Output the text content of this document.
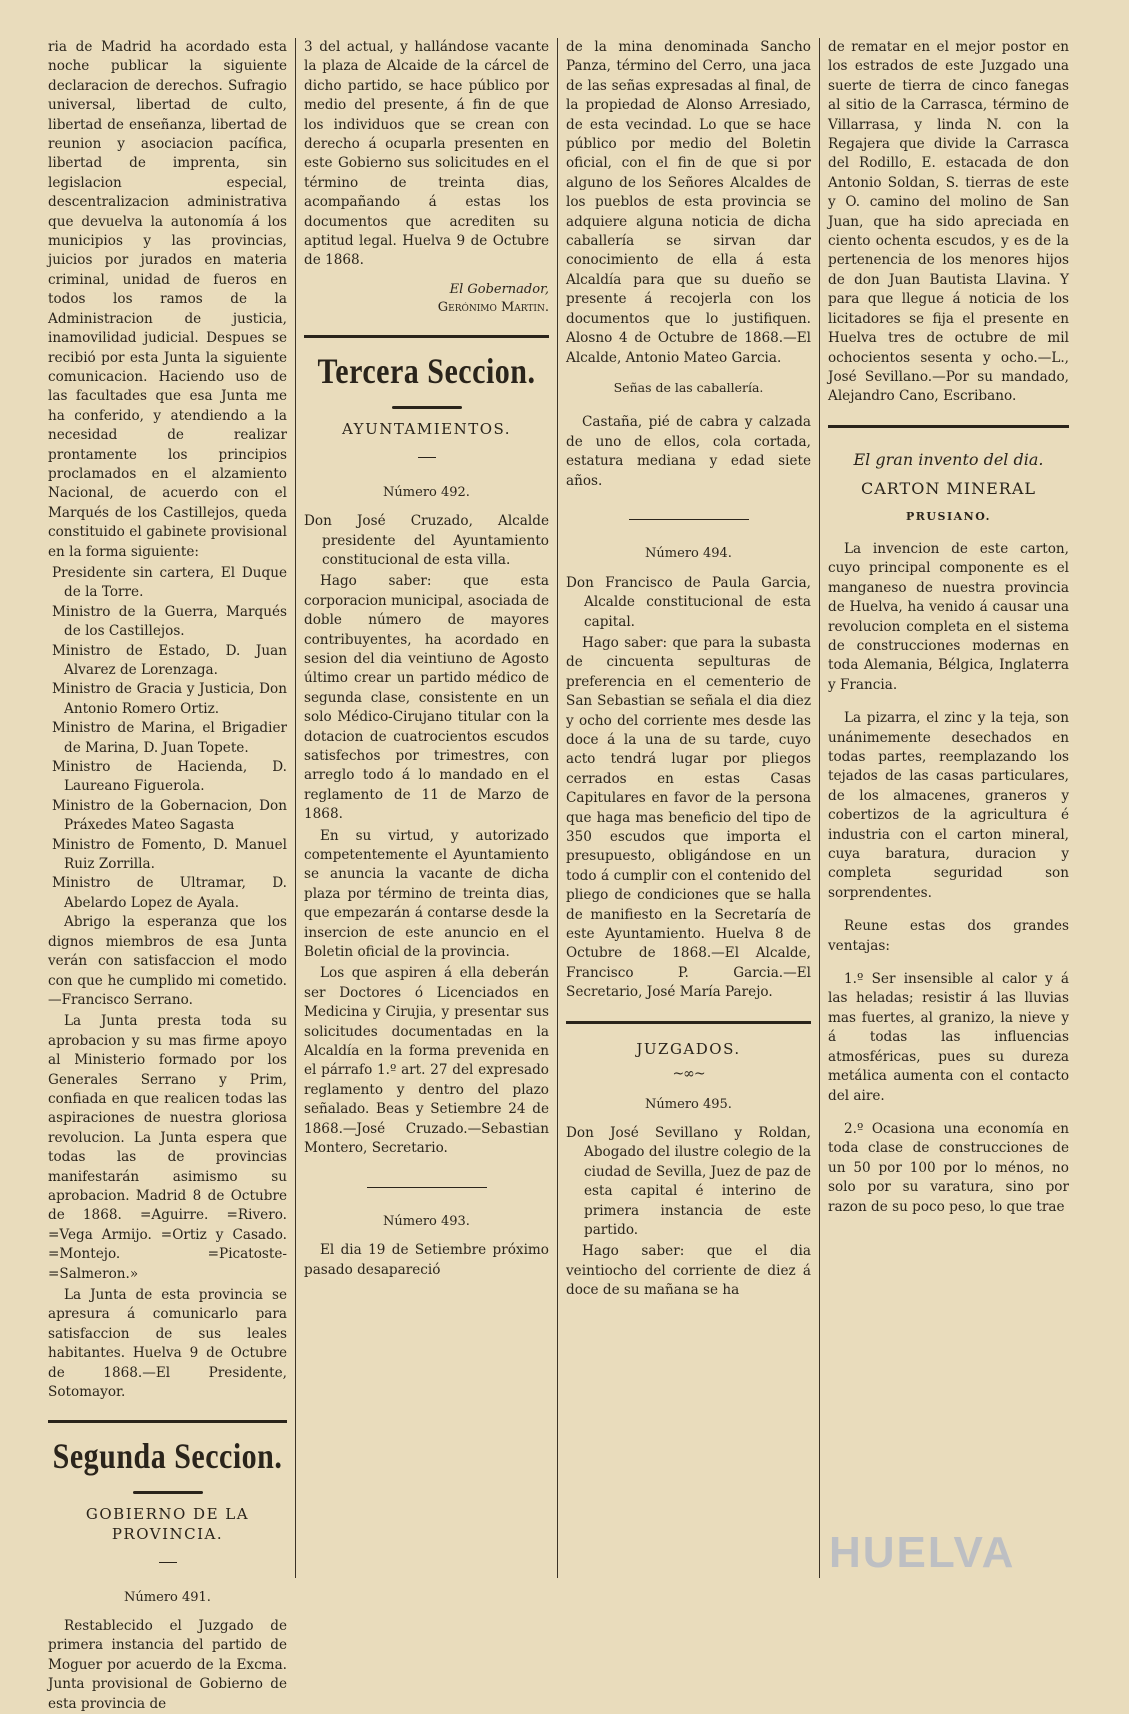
ria de Madrid ha acordado esta noche publicar la siguiente declaracion de derechos. Sufragio universal, libertad de culto, libertad de enseñanza, libertad de reunion y asociacion pacífica, libertad de imprenta, sin legislacion especial, descentralizacion administrativa que devuelva la autonomía á los municipios y las provincias, juicios por jurados en materia criminal, unidad de fueros en todos los ramos de la Administracion de justicia, inamovilidad judicial. Despues se recibió por esta Junta la siguiente comunicacion. Haciendo uso de las facultades que esa Junta me ha conferido, y atendiendo a la necesidad de realizar prontamente los principios proclamados en el alzamiento Nacional, de acuerdo con el Marqués de los Castillejos, queda constituido el gabinete provisional en la forma siguiente:

Presidente sin cartera, El Duque de la Torre.

Ministro de la Guerra, Marqués de los Castillejos.

Ministro de Estado, D. Juan Alvarez de Lorenzaga.

Ministro de Gracia y Justicia, Don Antonio Romero Ortiz.

Ministro de Marina, el Brigadier de Marina, D. Juan Topete.

Ministro de Hacienda, D. Laureano Figuerola.

Ministro de la Gobernacion, Don Práxedes Mateo Sagasta

Ministro de Fomento, D. Manuel Ruiz Zorrilla.

Ministro de Ultramar, D. Abelardo Lopez de Ayala.

Abrigo la esperanza que los dignos miembros de esa Junta verán con satisfaccion el modo con que he cumplido mi cometido.—Francisco Serrano.

La Junta presta toda su aprobacion y su mas firme apoyo al Ministerio formado por los Generales Serrano y Prim, confiada en que realicen todas las aspiraciones de nuestra gloriosa revolucion. La Junta espera que todas las de provincias manifestarán asimismo su aprobacion. Madrid 8 de Octubre de 1868. =Aguirre. =Rivero. =Vega Armijo. =Ortiz y Casado. =Montejo. =Picatoste- =Salmeron.»

La Junta de esta provincia se apresura á comunicarlo para satisfaccion de sus leales habitantes. Huelva 9 de Octubre de 1868.—El Presidente, Sotomayor.

Segunda Seccion.
GOBIERNO DE LA PROVINCIA.
Número 491.

Restablecido el Juzgado de primera instancia del partido de Moguer por acuerdo de la Excma. Junta provisional de Gobierno de esta provincia de

3 del actual, y hallándose vacante la plaza de Alcaide de la cárcel de dicho partido, se hace público por medio del presente, á fin de que los individuos que se crean con derecho á ocuparla presenten en este Gobierno sus solicitudes en el término de treinta dias, acompañando á estas los documentos que acrediten su aptitud legal. Huelva 9 de Octubre de 1868.

El Gobernador,
Gerónimo Martin.
Tercera Seccion.
AYUNTAMIENTOS.
Número 492.

Don José Cruzado, Alcalde presidente del Ayuntamiento constitucional de esta villa.

Hago saber: que esta corporacion municipal, asociada de doble número de mayores contribuyentes, ha acordado en sesion del dia veintiuno de Agosto último crear un partido médico de segunda clase, consistente en un solo Médico-Cirujano titular con la dotacion de cuatrocientos escudos satisfechos por trimestres, con arreglo todo á lo mandado en el reglamento de 11 de Marzo de 1868.

En su virtud, y autorizado competentemente el Ayuntamiento se anuncia la vacante de dicha plaza por término de treinta dias, que empezarán á contarse desde la insercion de este anuncio en el Boletin oficial de la provincia.

Los que aspiren á ella deberán ser Doctores ó Licenciados en Medicina y Cirujia, y presentar sus solicitudes documentadas en la Alcaldía en la forma prevenida en el párrafo 1.º art. 27 del expresado reglamento y dentro del plazo señalado. Beas y Setiembre 24 de 1868.—José Cruzado.—Sebastian Montero, Secretario.

Número 493.

El dia 19 de Setiembre próximo pasado desapareció

de la mina denominada Sancho Panza, término del Cerro, una jaca de las señas expresadas al final, de la propiedad de Alonso Arresiado, de esta vecindad. Lo que se hace público por medio del Boletin oficial, con el fin de que si por alguno de los Señores Alcaldes de los pueblos de esta provincia se adquiere alguna noticia de dicha caballería se sirvan dar conocimiento de ella á esta Alcaldía para que su dueño se presente á recojerla con los documentos que lo justifiquen. Alosno 4 de Octubre de 1868.—El Alcalde, Antonio Mateo Garcia.

Señas de las caballería.

Castaña, pié de cabra y calzada de uno de ellos, cola cortada, estatura mediana y edad siete años.

Número 494.

Don Francisco de Paula Garcia, Alcalde constitucional de esta capital.

Hago saber: que para la subasta de cincuenta sepulturas de preferencia en el cementerio de San Sebastian se señala el dia diez y ocho del corriente mes desde las doce á la una de su tarde, cuyo acto tendrá lugar por pliegos cerrados en estas Casas Capitulares en favor de la persona que haga mas beneficio del tipo de 350 escudos que importa el presupuesto, obligándose en un todo á cumplir con el contenido del pliego de condiciones que se halla de manifiesto en la Secretaría de este Ayuntamiento. Huelva 8 de Octubre de 1868.—El Alcalde, Francisco P. Garcia.—El Secretario, José María Parejo.

JUZGADOS.
~∞~
Número 495.

Don José Sevillano y Roldan, Abogado del ilustre colegio de la ciudad de Sevilla, Juez de paz de esta capital é interino de primera instancia de este partido.

Hago saber: que el dia veintiocho del corriente de diez á doce de su mañana se ha

de rematar en el mejor postor en los estrados de este Juzgado una suerte de tierra de cinco fanegas al sitio de la Carrasca, término de Villarrasa, y linda N. con la Regajera que divide la Carrasca del Rodillo, E. estacada de don Antonio Soldan, S. tierras de este y O. camino del molino de San Juan, que ha sido apreciada en ciento ochenta escudos, y es de la pertenencia de los menores hijos de don Juan Bautista Llavina. Y para que llegue á noticia de los licitadores se fija el presente en Huelva tres de octubre de mil ochocientos sesenta y ocho.—L., José Sevillano.—Por su mandado, Alejandro Cano, Escribano.

El gran invento del dia.
CARTON MINERAL
PRUSIANO.

La invencion de este carton, cuyo principal componente es el manganeso de nuestra provincia de Huelva, ha venido á causar una revolucion completa en el sistema de construcciones modernas en toda Alemania, Bélgica, Inglaterra y Francia.

La pizarra, el zinc y la teja, son unánimemente desechados en todas partes, reemplazando los tejados de las casas particulares, de los almacenes, graneros y cobertizos de la agricultura é industria con el carton mineral, cuya baratura, duracion y completa seguridad son sorprendentes.

Reune estas dos grandes ventajas:

1.º Ser insensible al calor y á las heladas; resistir á las lluvias mas fuertes, al granizo, la nieve y á todas las influencias atmosféricas, pues su dureza metálica aumenta con el contacto del aire.

2.º Ocasiona una economía en toda clase de construcciones de un 50 por 100 por lo ménos, no solo por su varatura, sino por razon de su poco peso, lo que trae

HUELVA
